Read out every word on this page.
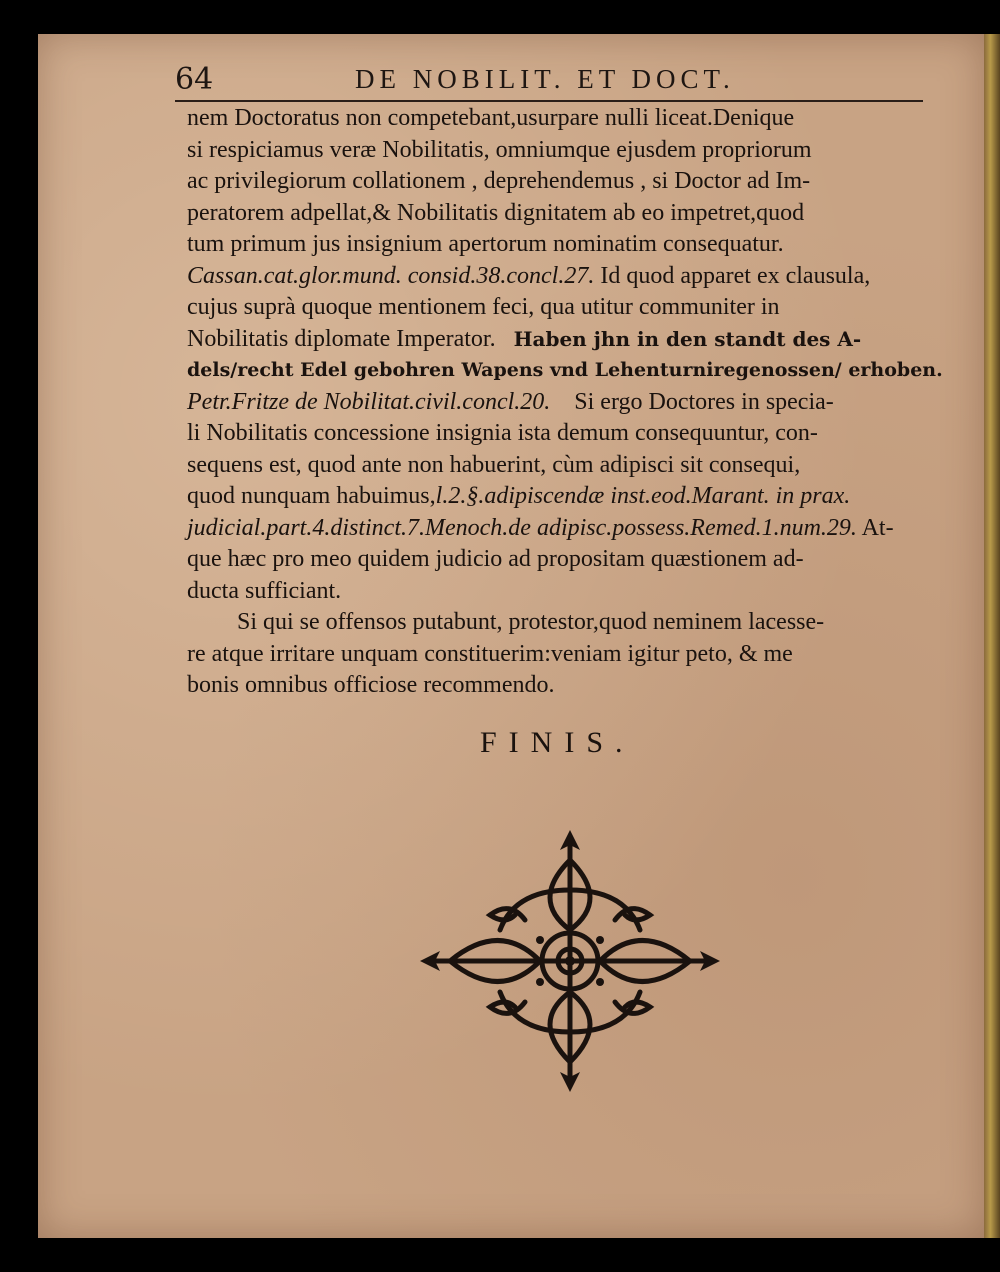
64	DE NOBILIT. ET DOCT.
nem Doctoratus non competebant,usurpare nulli liceat.Denique
si respiciamus veræ Nobilitatis, omniumque ejusdem propriorum
ac privilegiorum collationem , deprehendemus , si Doctor ad Im-
peratorem adpellat,& Nobilitatis dignitatem ab eo impetret,quod
tum primum jus insignium apertorum nominatim consequatur.
Cassan.cat.glor.mund. consid.38.concl.27. Id quod apparet ex clausula,
cujus suprà quoque mentionem feci, qua utitur communiter in
Nobilitatis diplomate Imperator. Haben jhn in den standt des A-
dels/recht Edel gebohren Wapens vnd Lehenturniregenossen/ erhoben.
Petr.Fritze de Nobilitat.civil.concl.20.    Si ergo Doctores in specia-
li Nobilitatis concessione insignia ista demum consequuntur, con-
sequens est, quod ante non habuerint, cùm adipisci sit consequi,
quod nunquam habuimus,l.2.§.adipiscendæ inst.eod.Marant. in prax.
judicial.part.4.distinct.7.Menoch.de adipisc.possess.Remed.1.num.29. At-
que hæc pro meo quidem judicio ad propositam quæstionem ad-
ducta sufficiant.
Si qui se offensos putabunt, protestor,quod neminem lacesse-
re atque irritare unquam constituerim:veniam igitur peto, & me
bonis omnibus officiose recommendo.
FINIS.
